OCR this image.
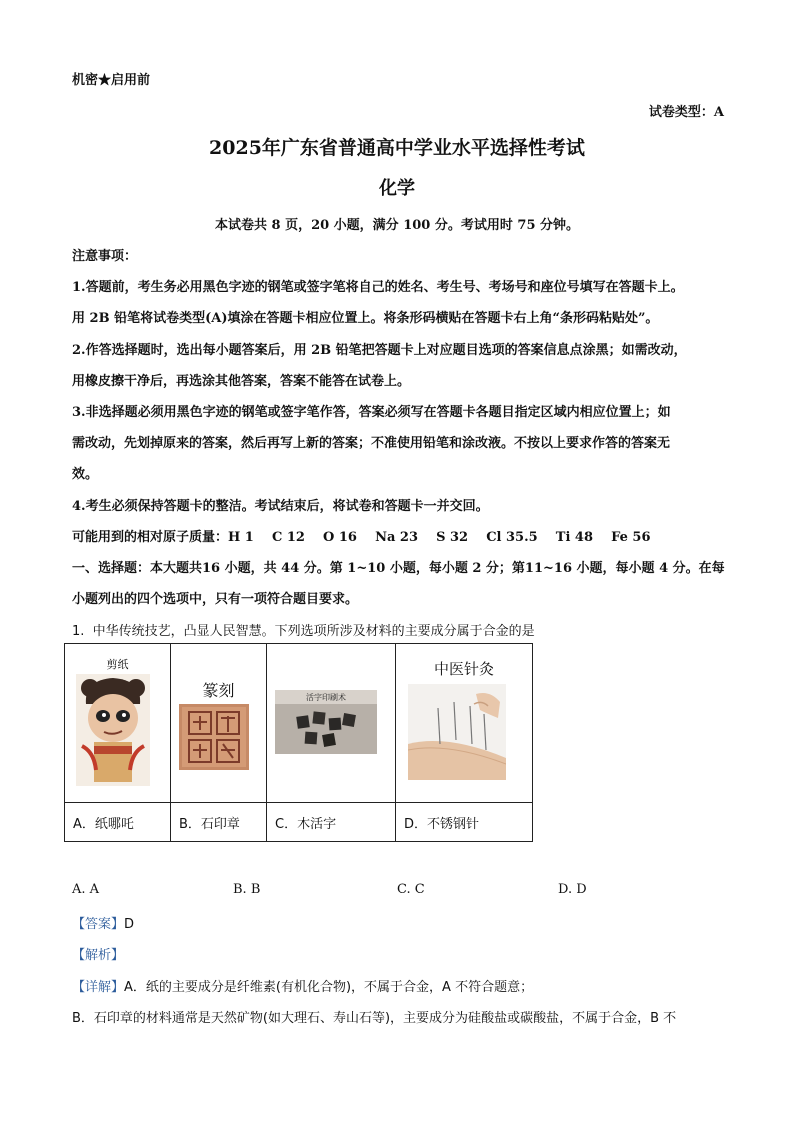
机密★启用前
试卷类型：A
2025年广东省普通高中学业水平选择性考试
化学
本试卷共 8 页，20 小题，满分 100 分。考试用时 75 分钟。
注意事项：
1.答题前，考生务必用黑色字迹的钢笔或签字笔将自己的姓名、考生号、考场号和座位号填写在答题卡上。
用 2B 铅笔将试卷类型(A)填涂在答题卡相应位置上。将条形码横贴在答题卡右上角“条形码粘贴处”。
2.作答选择题时，选出每小题答案后，用 2B 铅笔把答题卡上对应题目选项的答案信息点涂黑；如需改动，
用橡皮擦干净后，再选涂其他答案，答案不能答在试卷上。
3.非选择题必须用黑色字迹的钢笔或签字笔作答，答案必须写在答题卡各题目指定区域内相应位置上；如
需改动，先划掉原来的答案，然后再写上新的答案；不准使用铅笔和涂改液。不按以上要求作答的答案无
效。
4.考生必须保持答题卡的整洁。考试结束后，将试卷和答题卡一并交回。
可能用到的相对原子质量：H 1    C 12    O 16    Na 23    S 32    Cl 35.5    Ti 48    Fe 56
一、选择题：本大题共16 小题，共 44 分。第 1~10 小题，每小题 2 分；第11~16 小题，每小题 4 分。在每
小题列出的四个选项中，只有一项符合题目要求。
1.  中华传统技艺，凸显人民智慧。下列选项所涉及材料的主要成分属于合金的是
剪纸	篆刻	活字印刷术	中医针灸

A．纸哪吒	B．石印章	C．木活字	D．不锈钢针
A. A	B. B	C. C	D. D
【答案】D
【解析】
【详解】A．纸的主要成分是纤维素(有机化合物)，不属于合金，A 不符合题意；
B．石印章的材料通常是天然矿物(如大理石、寿山石等)，主要成分为硅酸盐或碳酸盐，不属于合金，B 不
